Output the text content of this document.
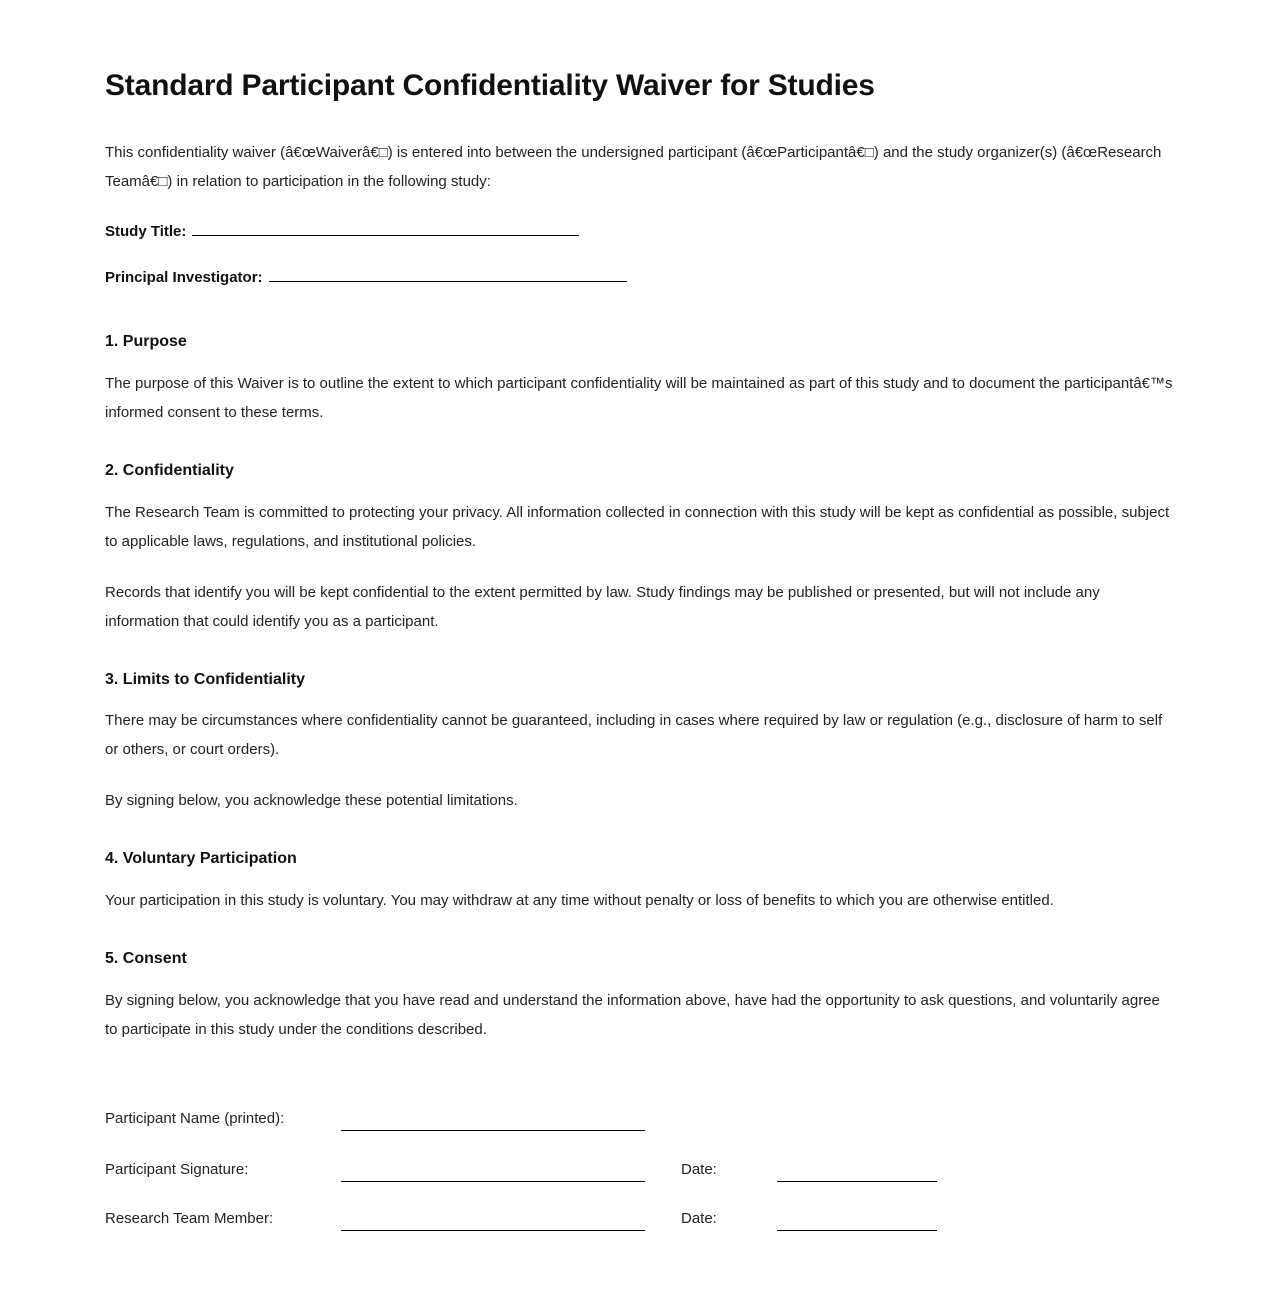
Standard Participant Confidentiality Waiver for Studies

This confidentiality waiver (â€œWaiverâ€□) is entered into between the undersigned participant (â€œParticipantâ€□) and the study organizer(s) (â€œResearch Teamâ€□) in relation to participation in the following study:

Study Title:
Principal Investigator:
1. Purpose

The purpose of this Waiver is to outline the extent to which participant confidentiality will be maintained as part of this study and to document the participantâ€™s informed consent to these terms.

2. Confidentiality

The Research Team is committed to protecting your privacy. All information collected in connection with this study will be kept as confidential as possible, subject to applicable laws, regulations, and institutional policies.

Records that identify you will be kept confidential to the extent permitted by law. Study findings may be published or presented, but will not include any information that could identify you as a participant.

3. Limits to Confidentiality

There may be circumstances where confidentiality cannot be guaranteed, including in cases where required by law or regulation (e.g., disclosure of harm to self or others, or court orders).

By signing below, you acknowledge these potential limitations.

4. Voluntary Participation

Your participation in this study is voluntary. You may withdraw at any time without penalty or loss of benefits to which you are otherwise entitled.

5. Consent

By signing below, you acknowledge that you have read and understand the information above, have had the opportunity to ask questions, and voluntarily agree to participate in this study under the conditions described.

Participant Name (printed):
Participant Signature:	Date:
Research Team Member:	Date:
